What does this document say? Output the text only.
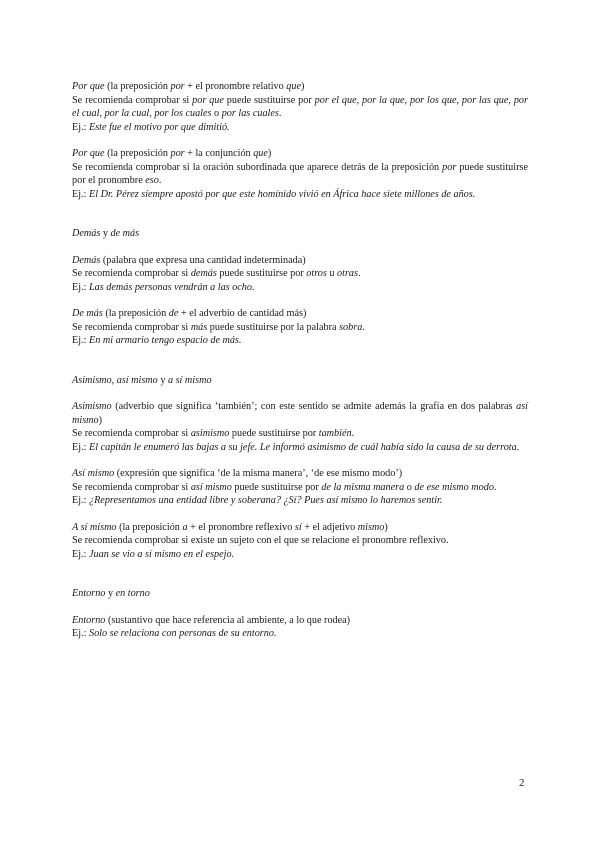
Por que (la preposición por + el pronombre relativo que)

Se recomienda comprobar si por que puede sustituirse por por el que, por la que, por los que, por las que, por el cual, por la cual, por los cuales o por las cuales.

Ej.: Este fue el motivo por que dimitió.

Por que (la preposición por + la conjunción que)

Se recomienda comprobar si la oración subordinada que aparece detrás de la preposición por puede sustituirse por el pronombre eso.

Ej.: El Dr. Pérez siempre apostó por que este homínido vivió en África hace siete millones de años.

Demás y de más

Demás (palabra que expresa una cantidad indeterminada)

Se recomienda comprobar si demás puede sustituirse por otros u otras.

Ej.: Las demás personas vendrán a las ocho.

De más (la preposición de + el adverbio de cantidad más)

Se recomienda comprobar si más puede sustituirse por la palabra sobra.

Ej.: En mi armario tengo espacio de más.

Asimismo, así mismo y a sí mismo

Asimismo (adverbio que significa ‘también’; con este sentido se admite además la grafía en dos palabras así mismo)

Se recomienda comprobar si asimismo puede sustituirse por también.

Ej.: El capitán le enumeró las bajas a su jefe. Le informó asimismo de cuál había sido la causa de su derrota.

Así mismo (expresión que significa ‘de la misma manera’, ‘de ese mismo modo’)

Se recomienda comprobar si así mismo puede sustituirse por de la misma manera o de ese mismo modo.

Ej.: ¿Representamos una entidad libre y soberana? ¿Sí? Pues así mismo lo haremos sentir.

A sí mismo (la preposición a + el pronombre reflexivo sí + el adjetivo mismo)

Se recomienda comprobar si existe un sujeto con el que se relacione el pronombre reflexivo.

Ej.: Juan se vio a sí mismo en el espejo.

Entorno y en torno

Entorno (sustantivo que hace referencia al ambiente, a lo que rodea)

Ej.: Solo se relaciona con personas de su entorno.

2
